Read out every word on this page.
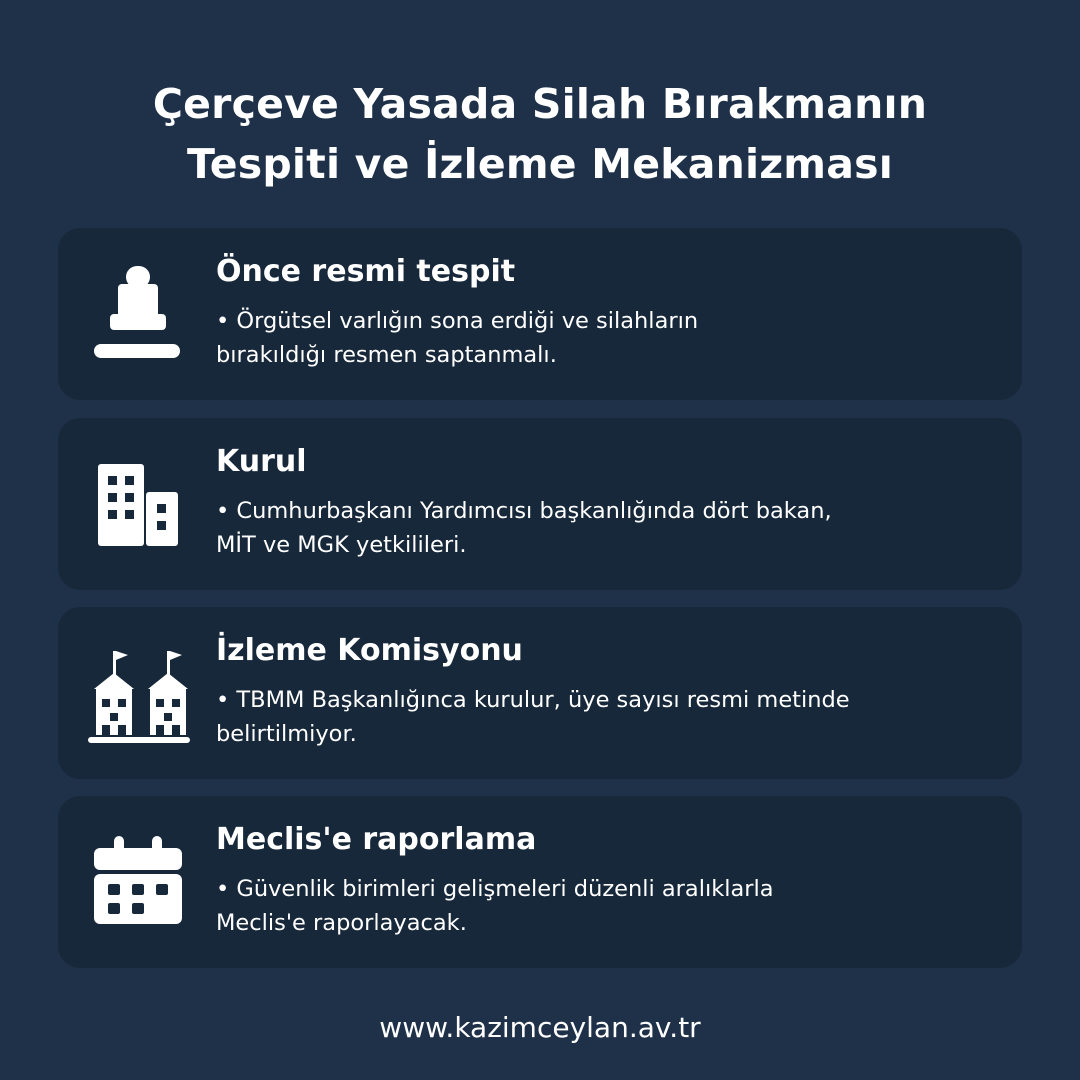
Çerçeve Yasada Silah Bırakmanın
Tespiti ve İzleme Mekanizması
Önce resmi tespit
• Örgütsel varlığın sona erdiği ve silahların
bırakıldığı resmen saptanmalı.
Kurul
• Cumhurbaşkanı Yardımcısı başkanlığında dört bakan,
MİT ve MGK yetkilileri.
İzleme Komisyonu
• TBMM Başkanlığınca kurulur, üye sayısı resmi metinde
belirtilmiyor.
Meclis'e raporlama
• Güvenlik birimleri gelişmeleri düzenli aralıklarla
Meclis'e raporlayacak.
www.kazimceylan.av.tr
